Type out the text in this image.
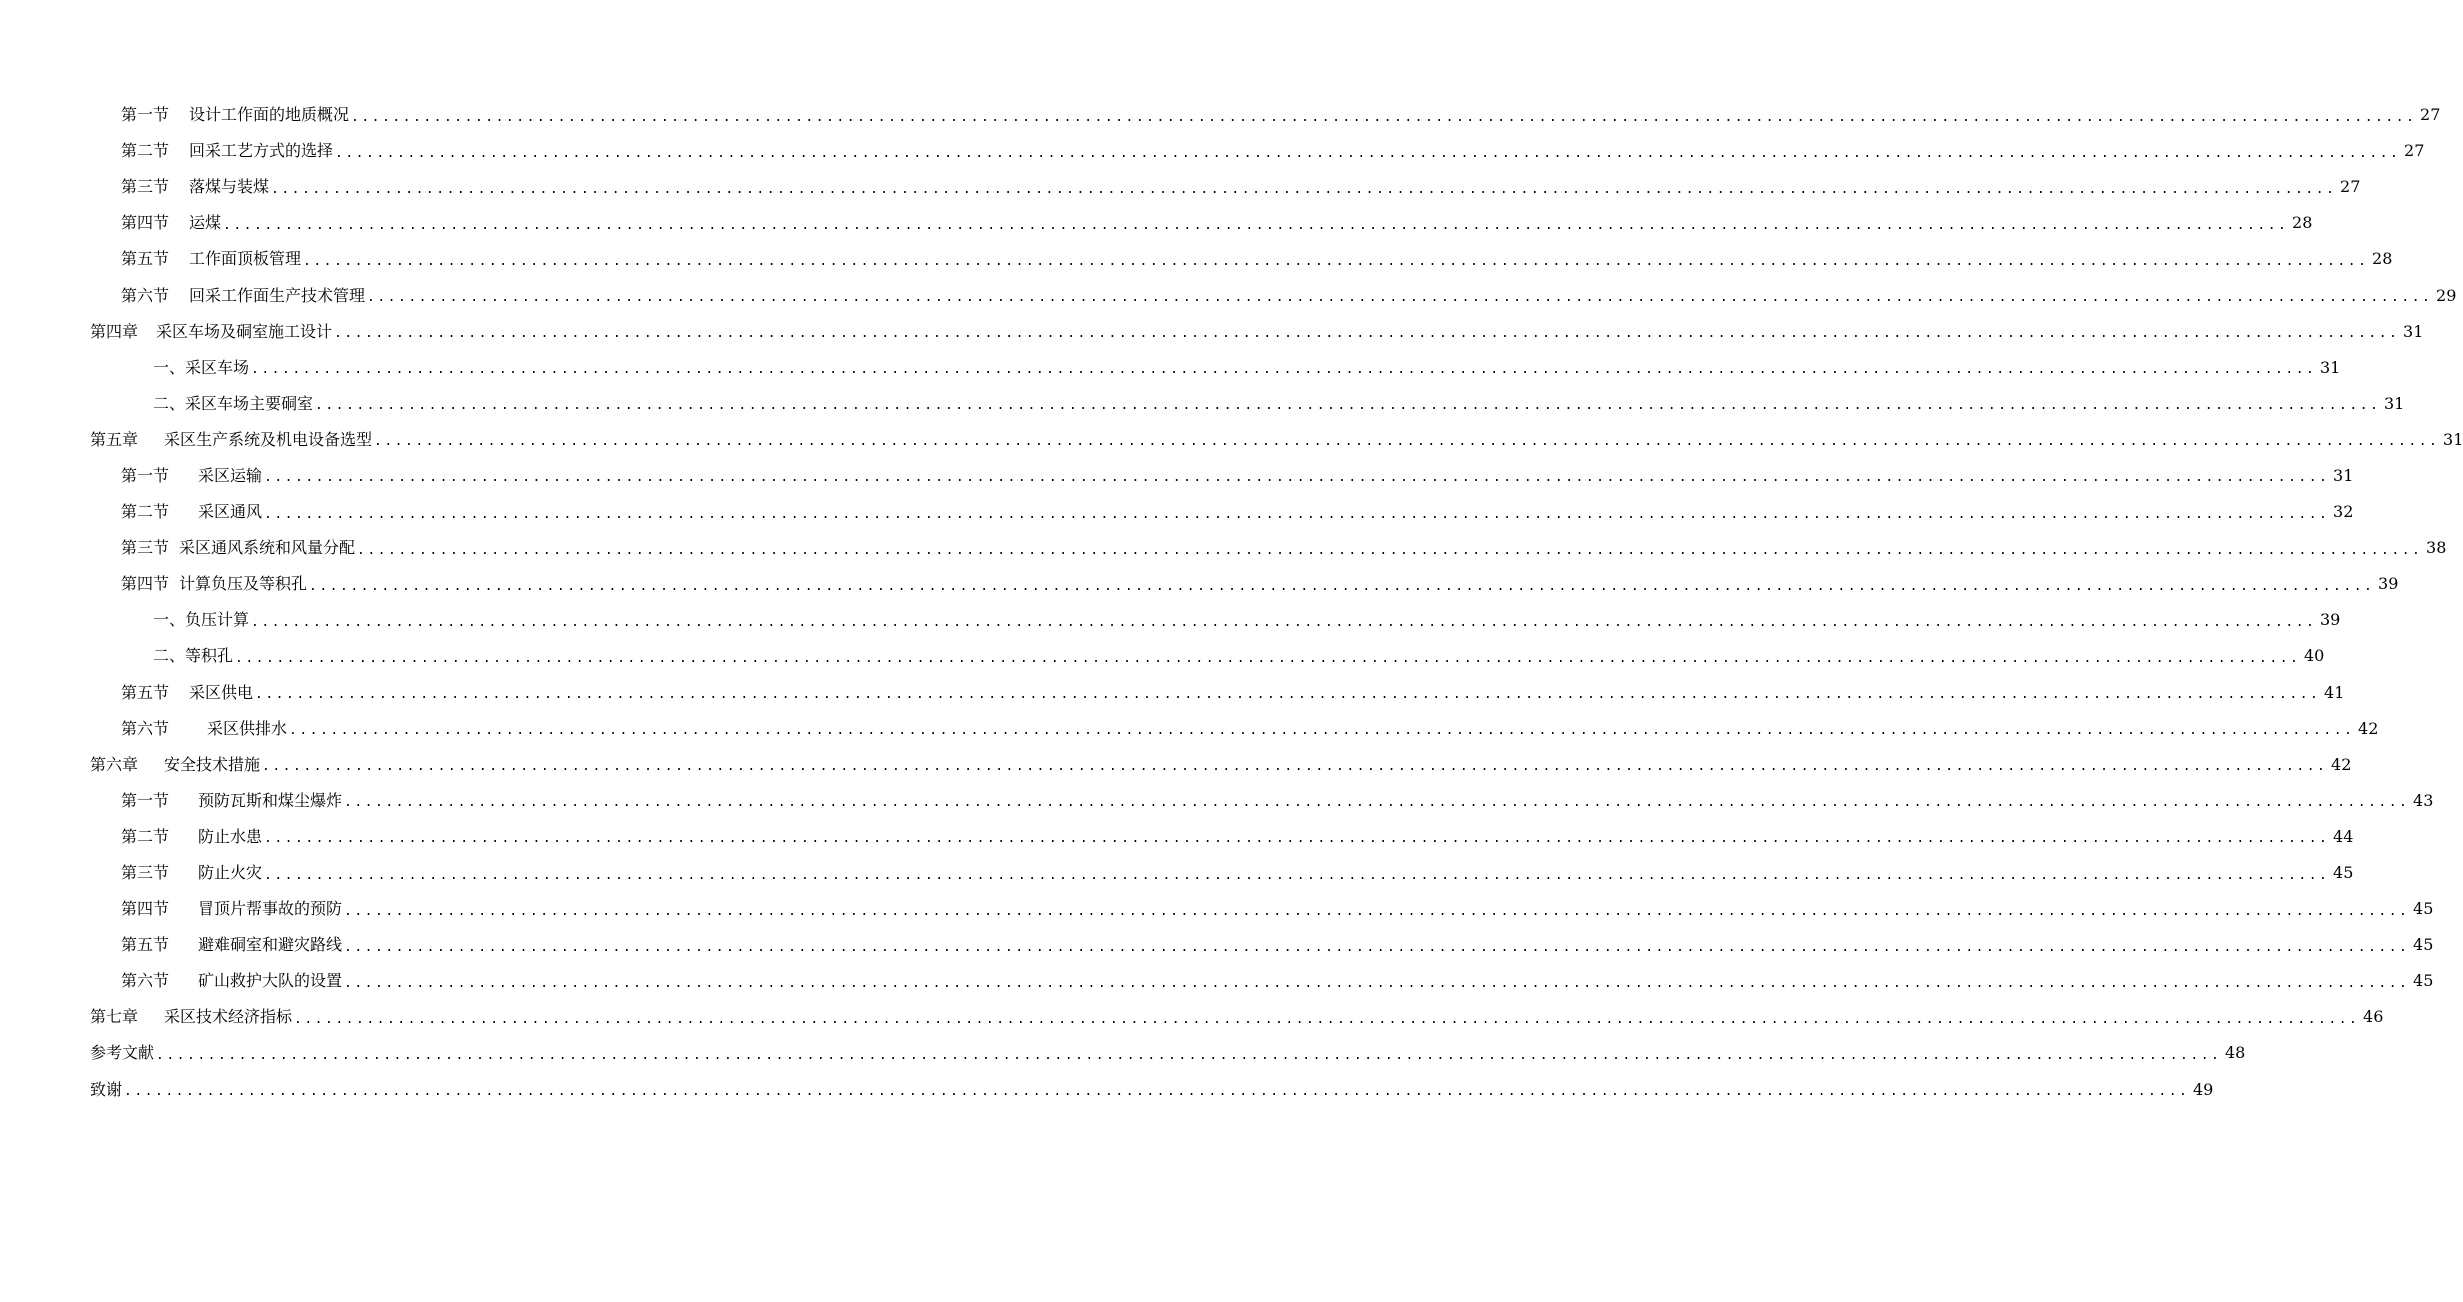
第一节 设计工作面的地质概况 ........................................................................................................................................................................................................ 27
第二节 回采工艺方式的选择 ........................................................................................................................................................................................................ 27
第三节 落煤与装煤 ........................................................................................................................................................................................................ 27
第四节 运煤 ........................................................................................................................................................................................................ 28
第五节 工作面顶板管理 ........................................................................................................................................................................................................ 28
第六节 回采工作面生产技术管理 ........................................................................................................................................................................................................ 29
第四章 采区车场及硐室施工设计 ........................................................................................................................................................................................................ 31
一、采区车场 ........................................................................................................................................................................................................ 31
二、采区车场主要硐室 ........................................................................................................................................................................................................ 31
第五章 采区生产系统及机电设备选型 ........................................................................................................................................................................................................ 31
第一节 采区运输 ........................................................................................................................................................................................................ 31
第二节 采区通风 ........................................................................................................................................................................................................ 32
第三节 采区通风系统和风量分配 ........................................................................................................................................................................................................ 38
第四节 计算负压及等积孔 ........................................................................................................................................................................................................ 39
一、负压计算 ........................................................................................................................................................................................................ 39
二、等积孔 ........................................................................................................................................................................................................ 40
第五节 采区供电 ........................................................................................................................................................................................................ 41
第六节 采区供排水 ........................................................................................................................................................................................................ 42
第六章 安全技术措施 ........................................................................................................................................................................................................ 42
第一节 预防瓦斯和煤尘爆炸 ........................................................................................................................................................................................................ 43
第二节 防止水患 ........................................................................................................................................................................................................ 44
第三节 防止火灾 ........................................................................................................................................................................................................ 45
第四节 冒顶片帮事故的预防 ........................................................................................................................................................................................................ 45
第五节 避难硐室和避灾路线 ........................................................................................................................................................................................................ 45
第六节 矿山救护大队的设置 ........................................................................................................................................................................................................ 45
第七章 采区技术经济指标 ........................................................................................................................................................................................................ 46
参考文献 ........................................................................................................................................................................................................ 48
致谢 ........................................................................................................................................................................................................ 49
